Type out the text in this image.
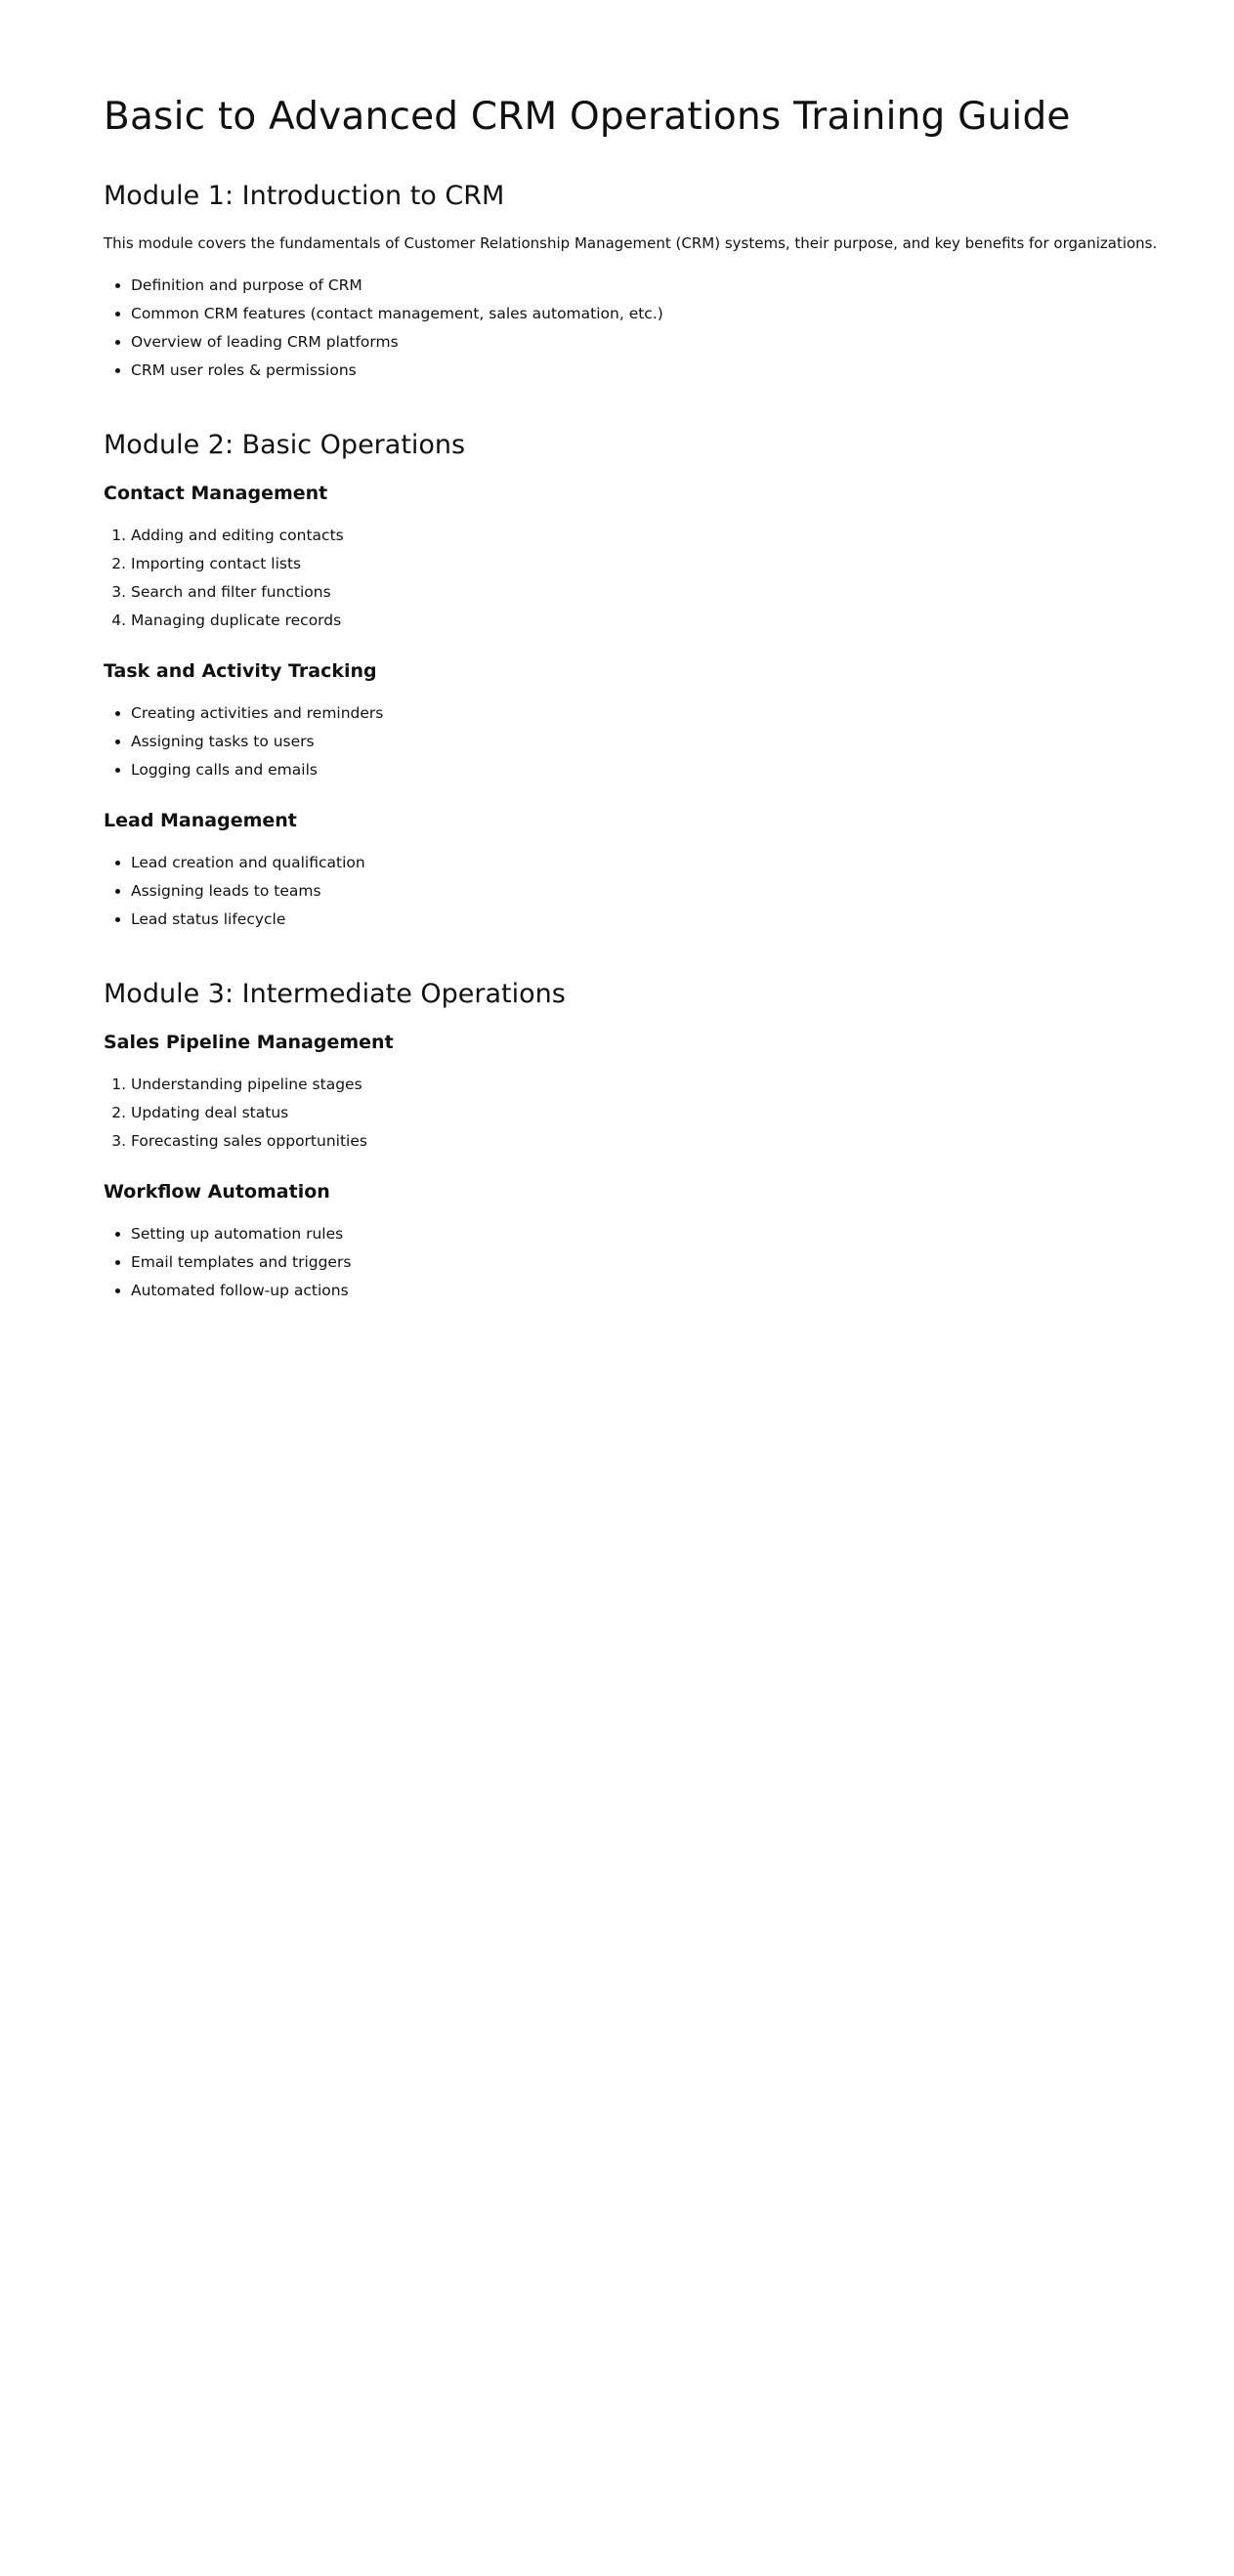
Basic to Advanced CRM Operations Training Guide
Module 1: Introduction to CRM

This module covers the fundamentals of Customer Relationship Management (CRM) systems, their purpose, and key benefits for organizations.

• Definition and purpose of CRM
• Common CRM features (contact management, sales automation, etc.)
• Overview of leading CRM platforms
• CRM user roles & permissions
Module 2: Basic Operations
Contact Management
1. Adding and editing contacts
2. Importing contact lists
3. Search and filter functions
4. Managing duplicate records
Task and Activity Tracking
• Creating activities and reminders
• Assigning tasks to users
• Logging calls and emails
Lead Management
• Lead creation and qualification
• Assigning leads to teams
• Lead status lifecycle
Module 3: Intermediate Operations
Sales Pipeline Management
1. Understanding pipeline stages
2. Updating deal status
3. Forecasting sales opportunities
Workflow Automation
• Setting up automation rules
• Email templates and triggers
• Automated follow-up actions
